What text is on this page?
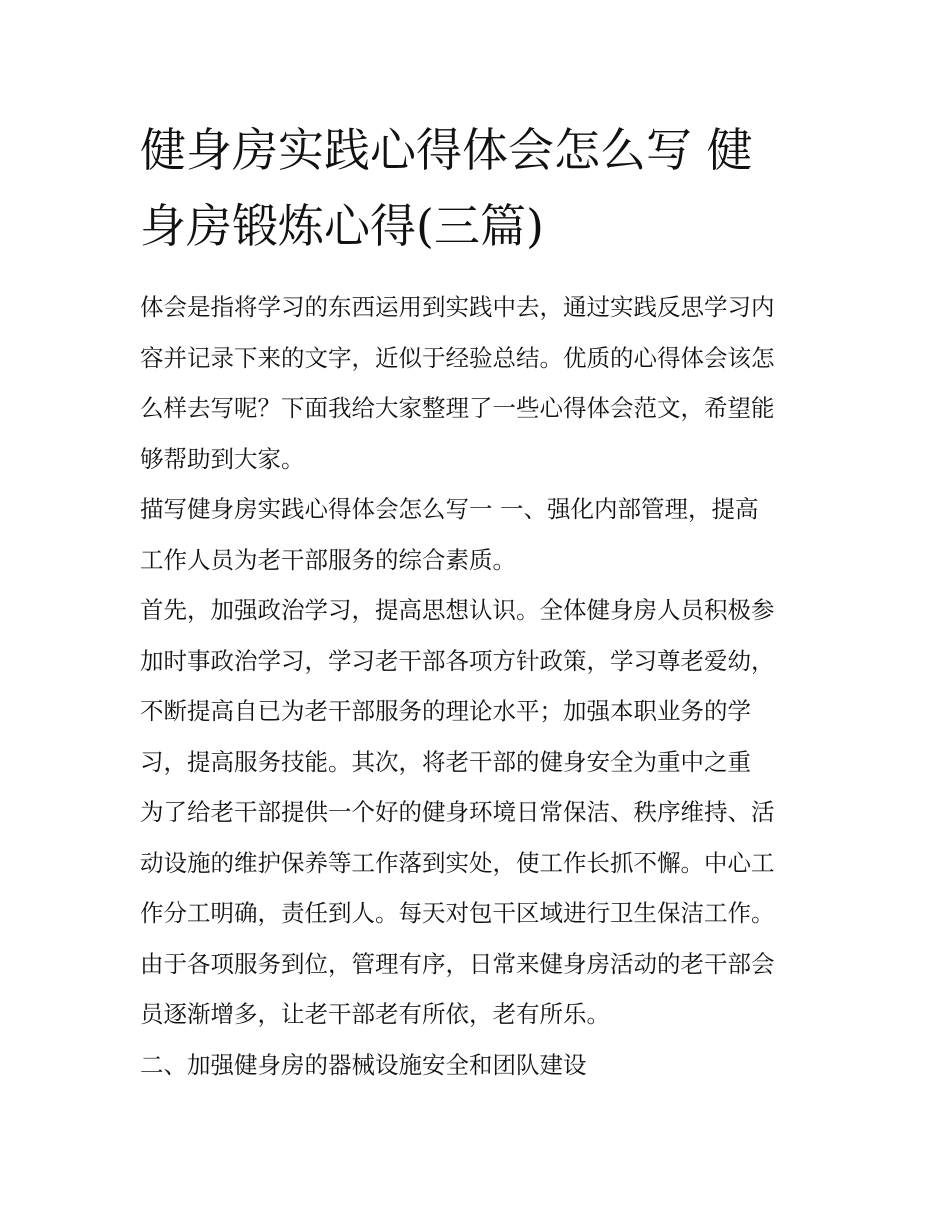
健身房实践心得体会怎么写 健
身房锻炼心得(三篇)

体会是指将学习的东西运用到实践中去，通过实践反思学习内
容并记录下来的文字，近似于经验总结。优质的心得体会该怎
么样去写呢？下面我给大家整理了一些心得体会范文，希望能
够帮助到大家。

描写健身房实践心得体会怎么写一 一、强化内部管理，提高
工作人员为老干部服务的综合素质。

首先，加强政治学习，提高思想认识。全体健身房人员积极参
加时事政治学习，学习老干部各项方针政策，学习尊老爱幼，
不断提高自已为老干部服务的理论水平；加强本职业务的学
习，提高服务技能。其次，将老干部的健身安全为重中之重
为了给老干部提供一个好的健身环境日常保洁、秩序维持、活
动设施的维护保养等工作落到实处，使工作长抓不懈。中心工
作分工明确，责任到人。每天对包干区域进行卫生保洁工作。
由于各项服务到位，管理有序，日常来健身房活动的老干部会
员逐渐增多，让老干部老有所依，老有所乐。

二、加强健身房的器械设施安全和团队建设
